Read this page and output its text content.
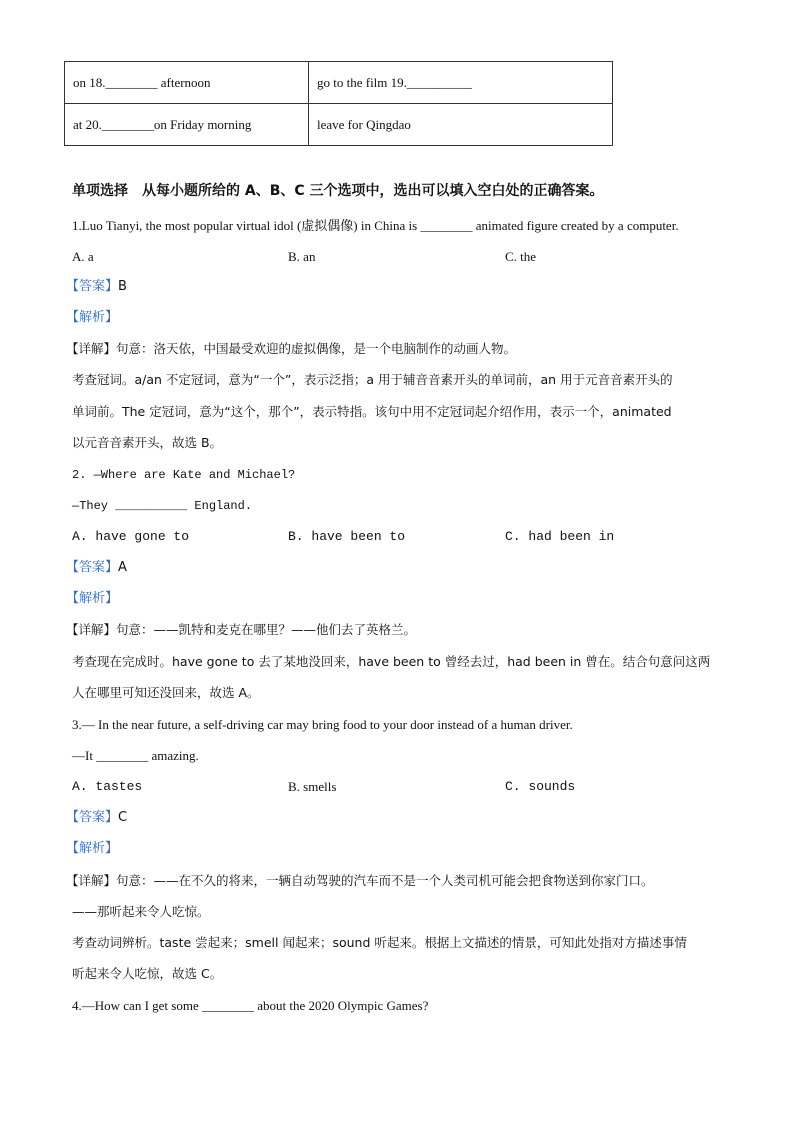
on 18.________ afternoon	go to the film 19.__________
at 20.________on Friday morning	leave for Qingdao
单项选择　从每小题所给的 A、B、C 三个选项中，选出可以填入空白处的正确答案。
1.Luo Tianyi, the most popular virtual idol (虚拟偶像) in China is ________ animated figure created by a computer.
A. a	B. an	C. the
【答案】B
【解析】
【详解】句意：洛天依，中国最受欢迎的虚拟偶像，是一个电脑制作的动画人物。
考查冠词。a/an 不定冠词，意为“一个”，表示泛指；a 用于辅音音素开头的单词前，an 用于元音音素开头的
单词前。The 定冠词，意为“这个，那个”，表示特指。该句中用不定冠词起介绍作用，表示一个，animated
以元音音素开头，故选 B。
2. —Where are Kate and Michael?
—They __________ England.
A. have gone to	B. have been to	C. had been in
【答案】A
【解析】
【详解】句意：——凯特和麦克在哪里？——他们去了英格兰。
考查现在完成时。have gone to 去了某地没回来，have been to 曾经去过，had been in 曾在。结合句意问这两
人在哪里可知还没回来，故选 A。
3.— In the near future, a self-driving car may bring food to your door instead of a human driver.
—It ________ amazing.
A. tastes	B. smells	C. sounds
【答案】C
【解析】
【详解】句意：——在不久的将来，一辆自动驾驶的汽车而不是一个人类司机可能会把食物送到你家门口。
——那听起来令人吃惊。
考查动词辨析。taste 尝起来；smell 闻起来；sound 听起来。根据上文描述的情景，可知此处指对方描述事情
听起来令人吃惊，故选 C。
4.—How can I get some ________ about the 2020 Olympic Games?
